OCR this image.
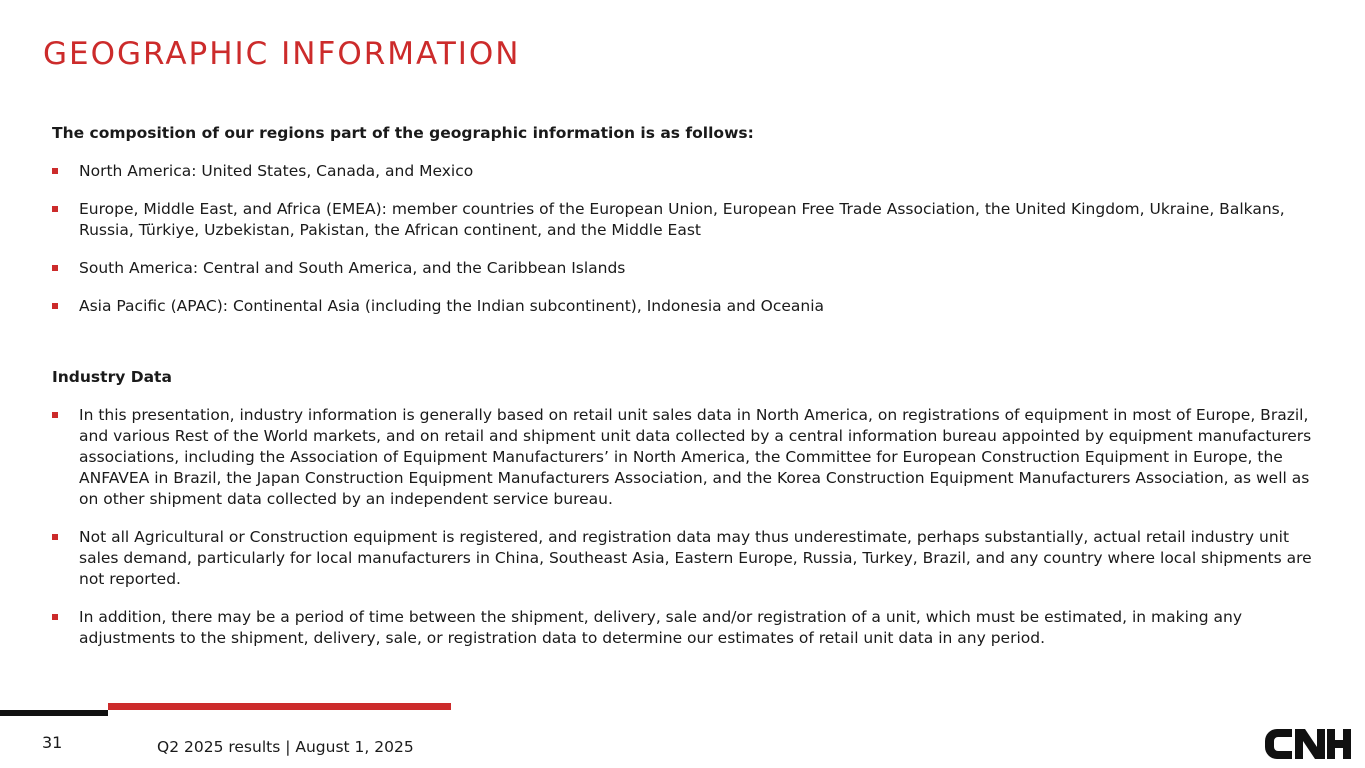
GEOGRAPHIC INFORMATION

The composition of our regions part of the geographic information is as follows:

North America: United States, Canada, and Mexico
Europe, Middle East, and Africa (EMEA): member countries of the European Union, European Free Trade Association, the United Kingdom, Ukraine, Balkans, Russia, Türkiye, Uzbekistan, Pakistan, the African continent, and the Middle East
South America: Central and South America, and the Caribbean Islands
Asia Pacific (APAC): Continental Asia (including the Indian subcontinent), Indonesia and Oceania

Industry Data

In this presentation, industry information is generally based on retail unit sales data in North America, on registrations of equipment in most of Europe, Brazil, and various Rest of the World markets, and on retail and shipment unit data collected by a central information bureau appointed by equipment manufacturers associations, including the Association of Equipment Manufacturers’ in North America, the Committee for European Construction Equipment in Europe, the ANFAVEA in Brazil, the Japan Construction Equipment Manufacturers Association, and the Korea Construction Equipment Manufacturers Association, as well as on other shipment data collected by an independent service bureau.
Not all Agricultural or Construction equipment is registered, and registration data may thus underestimate, perhaps substantially, actual retail industry unit sales demand, particularly for local manufacturers in China, Southeast Asia, Eastern Europe, Russia, Turkey, Brazil, and any country where local shipments are not reported.
In addition, there may be a period of time between the shipment, delivery, sale and/or registration of a unit, which must be estimated, in making any adjustments to the shipment, delivery, sale, or registration data to determine our estimates of retail unit data in any period.
31	Q2 2025 results | August 1, 2025
